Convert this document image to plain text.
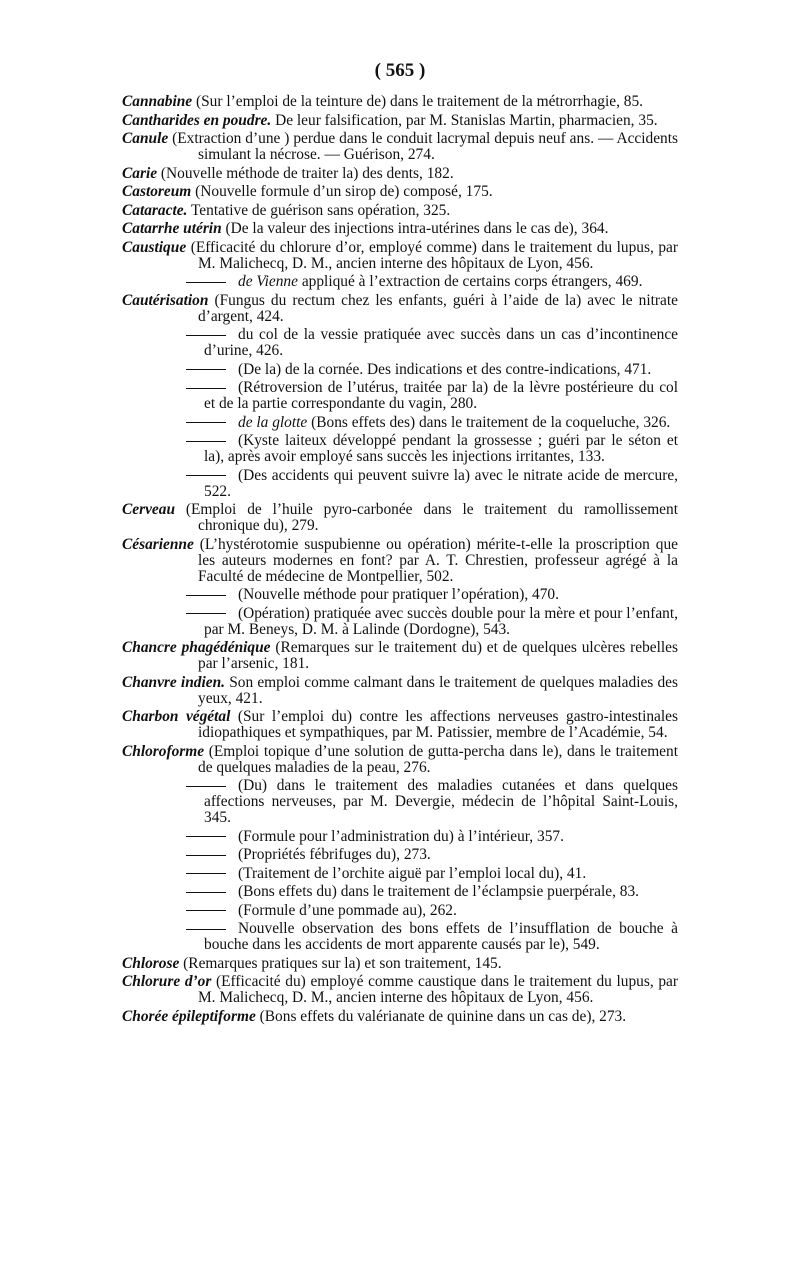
( 565 )
Cannabine (Sur l’emploi de la teinture de) dans le traitement de la métrorrhagie, 85.
Cantharides en poudre. De leur falsification, par M. Stanislas Martin, pharmacien, 35.
Canule (Extraction d’une ) perdue dans le conduit lacrymal depuis neuf ans. — Accidents simulant la nécrose. — Guérison, 274.
Carie (Nouvelle méthode de traiter la) des dents, 182.
Castoreum (Nouvelle formule d’un sirop de) composé, 175.
Cataracte. Tentative de guérison sans opération, 325.
Catarrhe utérin (De la valeur des injections intra-utérines dans le cas de), 364.
Caustique (Efficacité du chlorure d’or, employé comme) dans le traitement du lupus, par M. Malichecq, D. M., ancien interne des hôpitaux de Lyon, 456.
de Vienne appliqué à l’extraction de certains corps étrangers, 469.
Cautérisation (Fungus du rectum chez les enfants, guéri à l’aide de la) avec le nitrate d’argent, 424.
du col de la vessie pratiquée avec succès dans un cas d’incontinence d’urine, 426.
(De la) de la cornée. Des indications et des contre-indications, 471.
(Rétroversion de l’utérus, traitée par la) de la lèvre postérieure du col et de la partie correspondante du vagin, 280.
de la glotte (Bons effets des) dans le traitement de la coqueluche, 326.
(Kyste laiteux développé pendant la grossesse ; guéri par le séton et la), après avoir employé sans succès les injections irritantes, 133.
(Des accidents qui peuvent suivre la) avec le nitrate acide de mercure, 522.
Cerveau (Emploi de l’huile pyro-carbonée dans le traitement du ramollissement chronique du), 279.
Césarienne (L’hystérotomie suspubienne ou opération) mérite-t-elle la proscription que les auteurs modernes en font? par A. T. Chrestien, professeur agrégé à la Faculté de médecine de Montpellier, 502.
(Nouvelle méthode pour pratiquer l’opération), 470.
(Opération) pratiquée avec succès double pour la mère et pour l’enfant, par M. Beneys, D. M. à Lalinde (Dordogne), 543.
Chancre phagédénique (Remarques sur le traitement du) et de quelques ulcères rebelles par l’arsenic, 181.
Chanvre indien. Son emploi comme calmant dans le traitement de quelques maladies des yeux, 421.
Charbon végétal (Sur l’emploi du) contre les affections nerveuses gastro-intestinales idiopathiques et sympathiques, par M. Patissier, membre de l’Académie, 54.
Chloroforme (Emploi topique d’une solution de gutta-percha dans le), dans le traitement de quelques maladies de la peau, 276.
(Du) dans le traitement des maladies cutanées et dans quelques affections nerveuses, par M. Devergie, médecin de l’hôpital Saint-Louis, 345.
(Formule pour l’administration du) à l’intérieur, 357.
(Propriétés fébrifuges du), 273.
(Traitement de l’orchite aiguë par l’emploi local du), 41.
(Bons effets du) dans le traitement de l’éclampsie puerpérale, 83.
(Formule d’une pommade au), 262.
Nouvelle observation des bons effets de l’insufflation de bouche à bouche dans les accidents de mort apparente causés par le), 549.
Chlorose (Remarques pratiques sur la) et son traitement, 145.
Chlorure d’or (Efficacité du) employé comme caustique dans le traitement du lupus, par M. Malichecq, D. M., ancien interne des hôpitaux de Lyon, 456.
Chorée épileptiforme (Bons effets du valérianate de quinine dans un cas de), 273.
